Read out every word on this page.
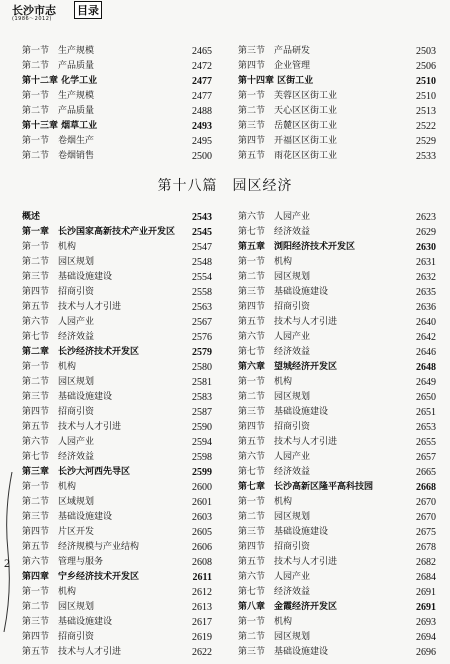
长沙市志 目录
(1986～2012)
第一节　生产规模	2465
第二节　产品质量	2472
第十二章 化学工业	2477
第一节　生产规模	2477
第二节　产品质量	2488
第十三章 烟草工业	2493
第一节　卷烟生产	2495
第二节　卷烟销售	2500
第三节　产品研发	2503
第四节　企业管理	2506
第十四章 区街工业	2510
第一节　芙蓉区区街工业	2510
第二节　天心区区街工业	2513
第三节　岳麓区区街工业	2522
第四节　开福区区街工业	2529
第五节　雨花区区街工业	2533
第十八篇　园区经济
概述	2543
第一章　长沙国家高新技术产业开发区 2545
第一节　机构	2547
第二节　园区规划	2548
第三节　基础设施建设	2554
第四节　招商引资	2558
第五节　技术与人才引进	2563
第六节　人园产业	2567
第七节　经济效益	2576
第二章　长沙经济技术开发区	2579
第一节　机构	2580
第二节　园区规划	2581
第三节　基础设施建设	2583
第四节　招商引资	2587
第五节　技术与人才引进	2590
第六节　人园产业	2594
第七节　经济效益	2598
第三章　长沙大河西先导区	2599
第一节　机构	2600
第二节　区域规划	2601
第三节　基础设施建设	2603
第四节　片区开发	2605
第五节　经济规模与产业结构	2606
第六节　管理与服务	2608
第四章　宁乡经济技术开发区	2611
第一节　机构	2612
第二节　园区规划	2613
第三节　基础设施建设	2617
第四节　招商引资	2619
第五节　技术与人才引进	2622
第六节　人园产业	2623
第七节　经济效益	2629
第五章　浏阳经济技术开发区	2630
第一节　机构	2631
第二节　园区规划	2632
第三节　基础设施建设	2635
第四节　招商引资	2636
第五节　技术与人才引进	2640
第六节　人园产业	2642
第七节　经济效益	2646
第六章　望城经济开发区	2648
第一节　机构	2649
第二节　园区规划	2650
第三节　基础设施建设	2651
第四节　招商引资	2653
第五节　技术与人才引进	2655
第六节　人园产业	2657
第七节　经济效益	2665
第七章　长沙高新区隆平高科技园	2668
第一节　机构	2670
第二节　园区规划	2670
第三节　基础设施建设	2675
第四节　招商引资	2678
第五节　技术与人才引进	2682
第六节　人园产业	2684
第七节　经济效益	2691
第八章　金霞经济开发区	2691
第一节　机构	2693
第二节　园区规划	2694
第三节　基础设施建设	2696
2
